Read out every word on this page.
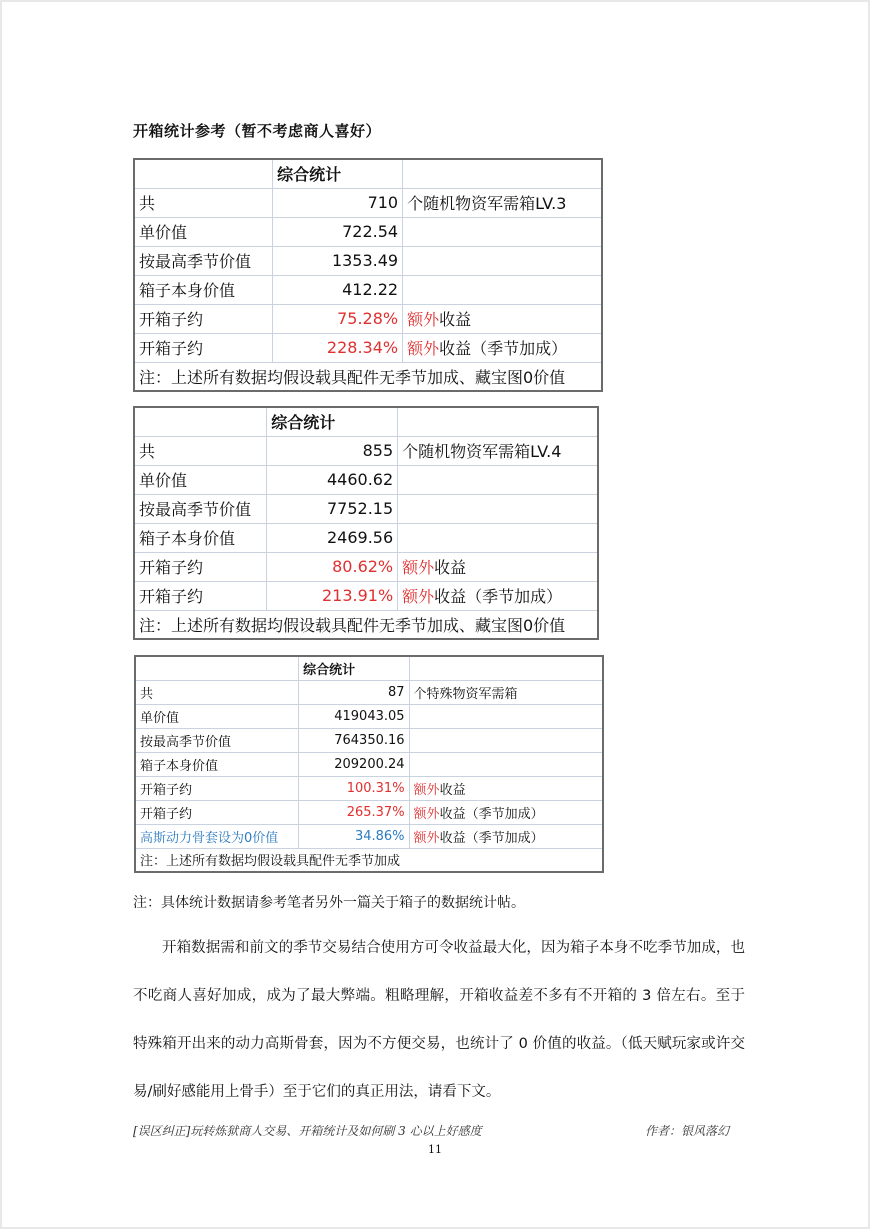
开箱统计参考（暂不考虑商人喜好）
	综合统计	
共	710	个随机物资军需箱LV.3
单价值	722.54	
按最高季节价值	1353.49	
箱子本身价值	412.22	
开箱子约	75.28%	额外收益
开箱子约	228.34%	额外收益（季节加成）
注：上述所有数据均假设载具配件无季节加成、藏宝图0价值		
	综合统计	
共	855	个随机物资军需箱LV.4
单价值	4460.62	
按最高季节价值	7752.15	
箱子本身价值	2469.56	
开箱子约	80.62%	额外收益
开箱子约	213.91%	额外收益（季节加成）
注：上述所有数据均假设载具配件无季节加成、藏宝图0价值		
	综合统计	
共	87	个特殊物资军需箱
单价值	419043.05	
按最高季节价值	764350.16	
箱子本身价值	209200.24	
开箱子约	100.31%	额外收益
开箱子约	265.37%	额外收益（季节加成）
高斯动力骨套设为0价值	34.86%	额外收益（季节加成）
注：上述所有数据均假设载具配件无季节加成		
注：具体统计数据请参考笔者另外一篇关于箱子的数据统计帖。

开箱数据需和前文的季节交易结合使用方可令收益最大化，因为箱子本身不吃季节加成，也不吃商人喜好加成，成为了最大弊端。粗略理解，开箱收益差不多有不开箱的 3 倍左右。至于特殊箱开出来的动力高斯骨套，因为不方便交易，也统计了 0 价值的收益。（低天赋玩家或许交易/刷好感能用上骨手）至于它们的真正用法，请看下文。

[误区纠正]玩转炼狱商人交易、开箱统计及如何刷 3 心以上好感度	作者：银风落幻
11
